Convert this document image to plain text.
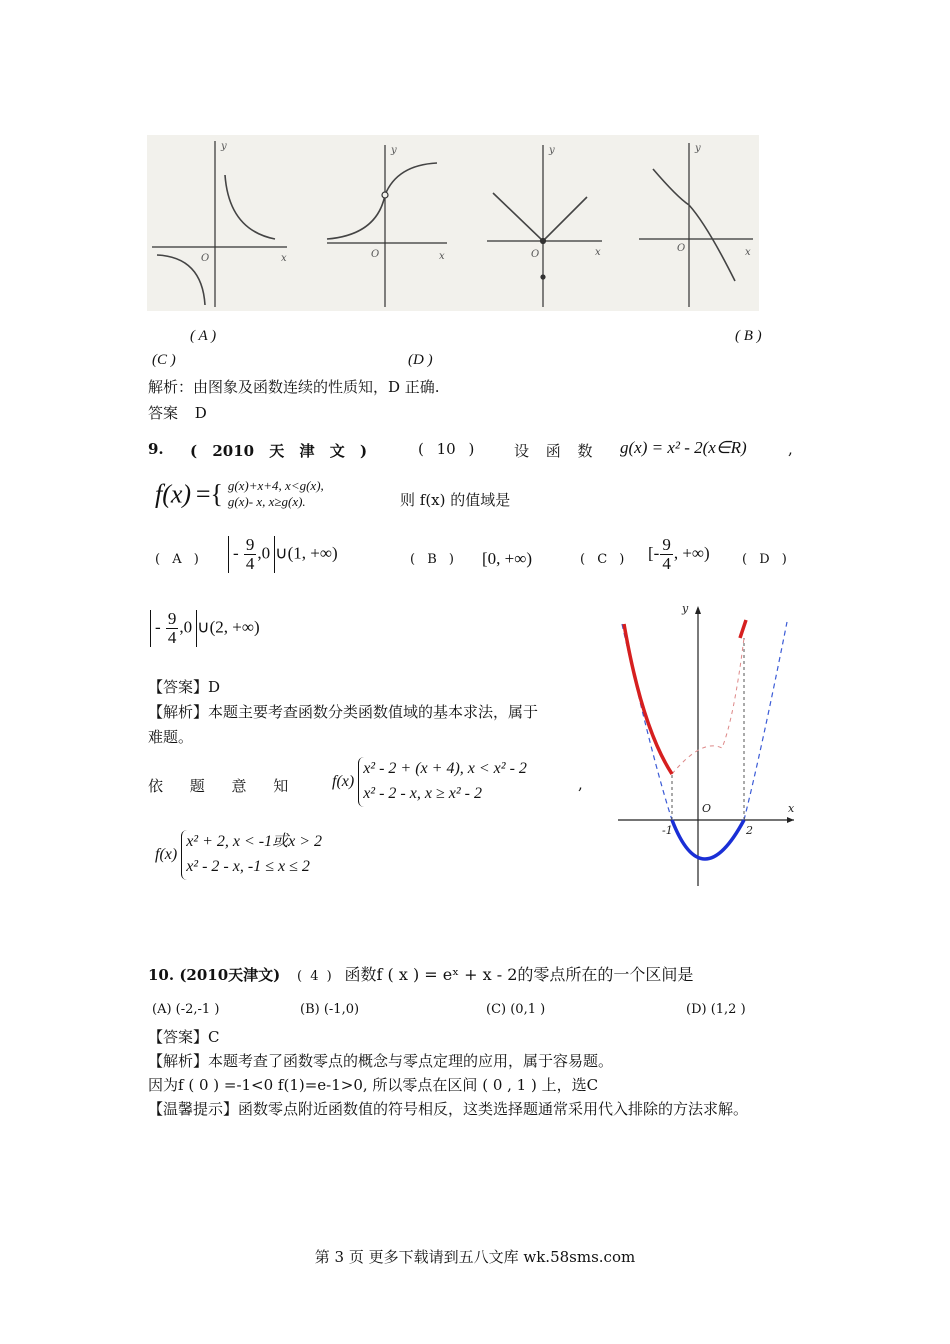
O	x
y
O	x
y
O	x
y
O	x
y
( A )	( B )
(C )	(D )
解析：由图象及函数连续的性质知，D 正确.
答案 D
9. ( 2010 天 津 文 )	( 10 )	设 函 数 g(x) = x² - 2(x∈R)	,
f(x) ={ g(x)+x+4, x<g(x),
g(x)- x, x≥g(x).	则 f(x) 的值域是
( A ) - $\frac{9}{4} ,0$ ∪(1, +∞)	( B ) [0, +∞)	( C ) [- $\frac{9}{4}$ , +∞) ( D )
- $\frac{9}{4} ,0$ ∪(2, +∞)
【答案】D
【解析】本题主要考查函数分类函数值域的基本求法，属于
难题。
依 题 意 知	f(x)
x² - 2 + (x + 4), x < x² - 2
x² - 2 - x, x ≥ x² - 2
,
f(x)
x² + 2, x < -1或x > 2
x² - 2 - x, -1 ≤ x ≤ 2
y
x
O
-1	2
10. (2010天津文) ( 4 ) 函数f ( x ) = eˣ + x - 2的零点所在的一个区间是
(A) (-2,-1 )	(B) (-1,0)	(C) (0,1 )	(D) (1,2 )
【答案】C
【解析】本题考查了函数零点的概念与零点定理的应用，属于容易题。
因为f ( 0 ) =-1<0 f(1)=e-1>0, 所以零点在区间 ( 0 , 1 ) 上，选C
【温馨提示】函数零点附近函数值的符号相反，这类选择题通常采用代入排除的方法求解。
第 3 页 更多下载请到五八文库 wk.58sms.com
